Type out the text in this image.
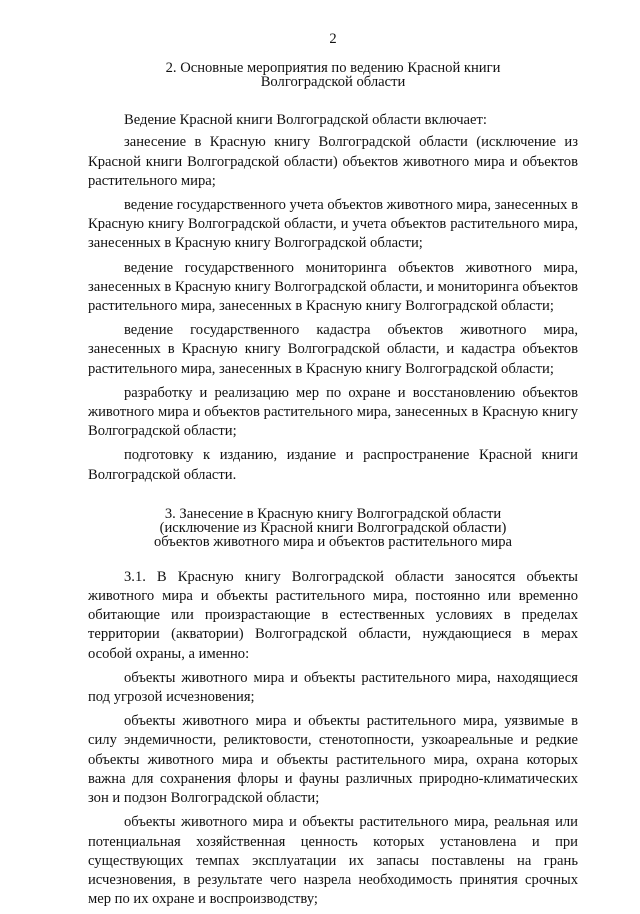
2
2. Основные мероприятия по ведению Красной книги
Волгоградской области

Ведение Красной книги Волгоградской области включает:

занесение в Красную книгу Волгоградской области (исключение из Красной книги Волгоградской области) объектов животного мира и объектов растительного мира;

ведение государственного учета объектов животного мира, занесенных в Красную книгу Волгоградской области, и учета объектов растительного мира, занесенных в Красную книгу Волгоградской области;

ведение государственного мониторинга объектов животного мира, занесенных в Красную книгу Волгоградской области, и мониторинга объектов растительного мира, занесенных в Красную книгу Волгоградской области;

ведение государственного кадастра объектов животного мира, занесенных в Красную книгу Волгоградской области, и кадастра объектов растительного мира, занесенных в Красную книгу Волгоградской области;

разработку и реализацию мер по охране и восстановлению объектов животного мира и объектов растительного мира, занесенных в Красную книгу Волгоградской области;

подготовку к изданию, издание и распространение Красной книги Волгоградской области.

3. Занесение в Красную книгу Волгоградской области
(исключение из Красной книги Волгоградской области)
объектов животного мира и объектов растительного мира

3.1. В Красную книгу Волгоградской области заносятся объекты животного мира и объекты растительного мира, постоянно или временно обитающие или произрастающие в естественных условиях в пределах территории (акватории) Волгоградской области, нуждающиеся в мерах особой охраны, а именно:

объекты животного мира и объекты растительного мира, находящиеся под угрозой исчезновения;

объекты животного мира и объекты растительного мира, уязвимые в силу эндемичности, реликтовости, стенотопности, узкоареальные и редкие объекты животного мира и объекты растительного мира, охрана которых важна для сохранения флоры и фауны различных природно-климатических зон и подзон Волгоградской области;

объекты животного мира и объекты растительного мира, реальная или потенциальная хозяйственная ценность которых установлена и при существующих темпах эксплуатации их запасы поставлены на грань исчезновения, в результате чего назрела необходимость принятия срочных мер по их охране и воспроизводству;
